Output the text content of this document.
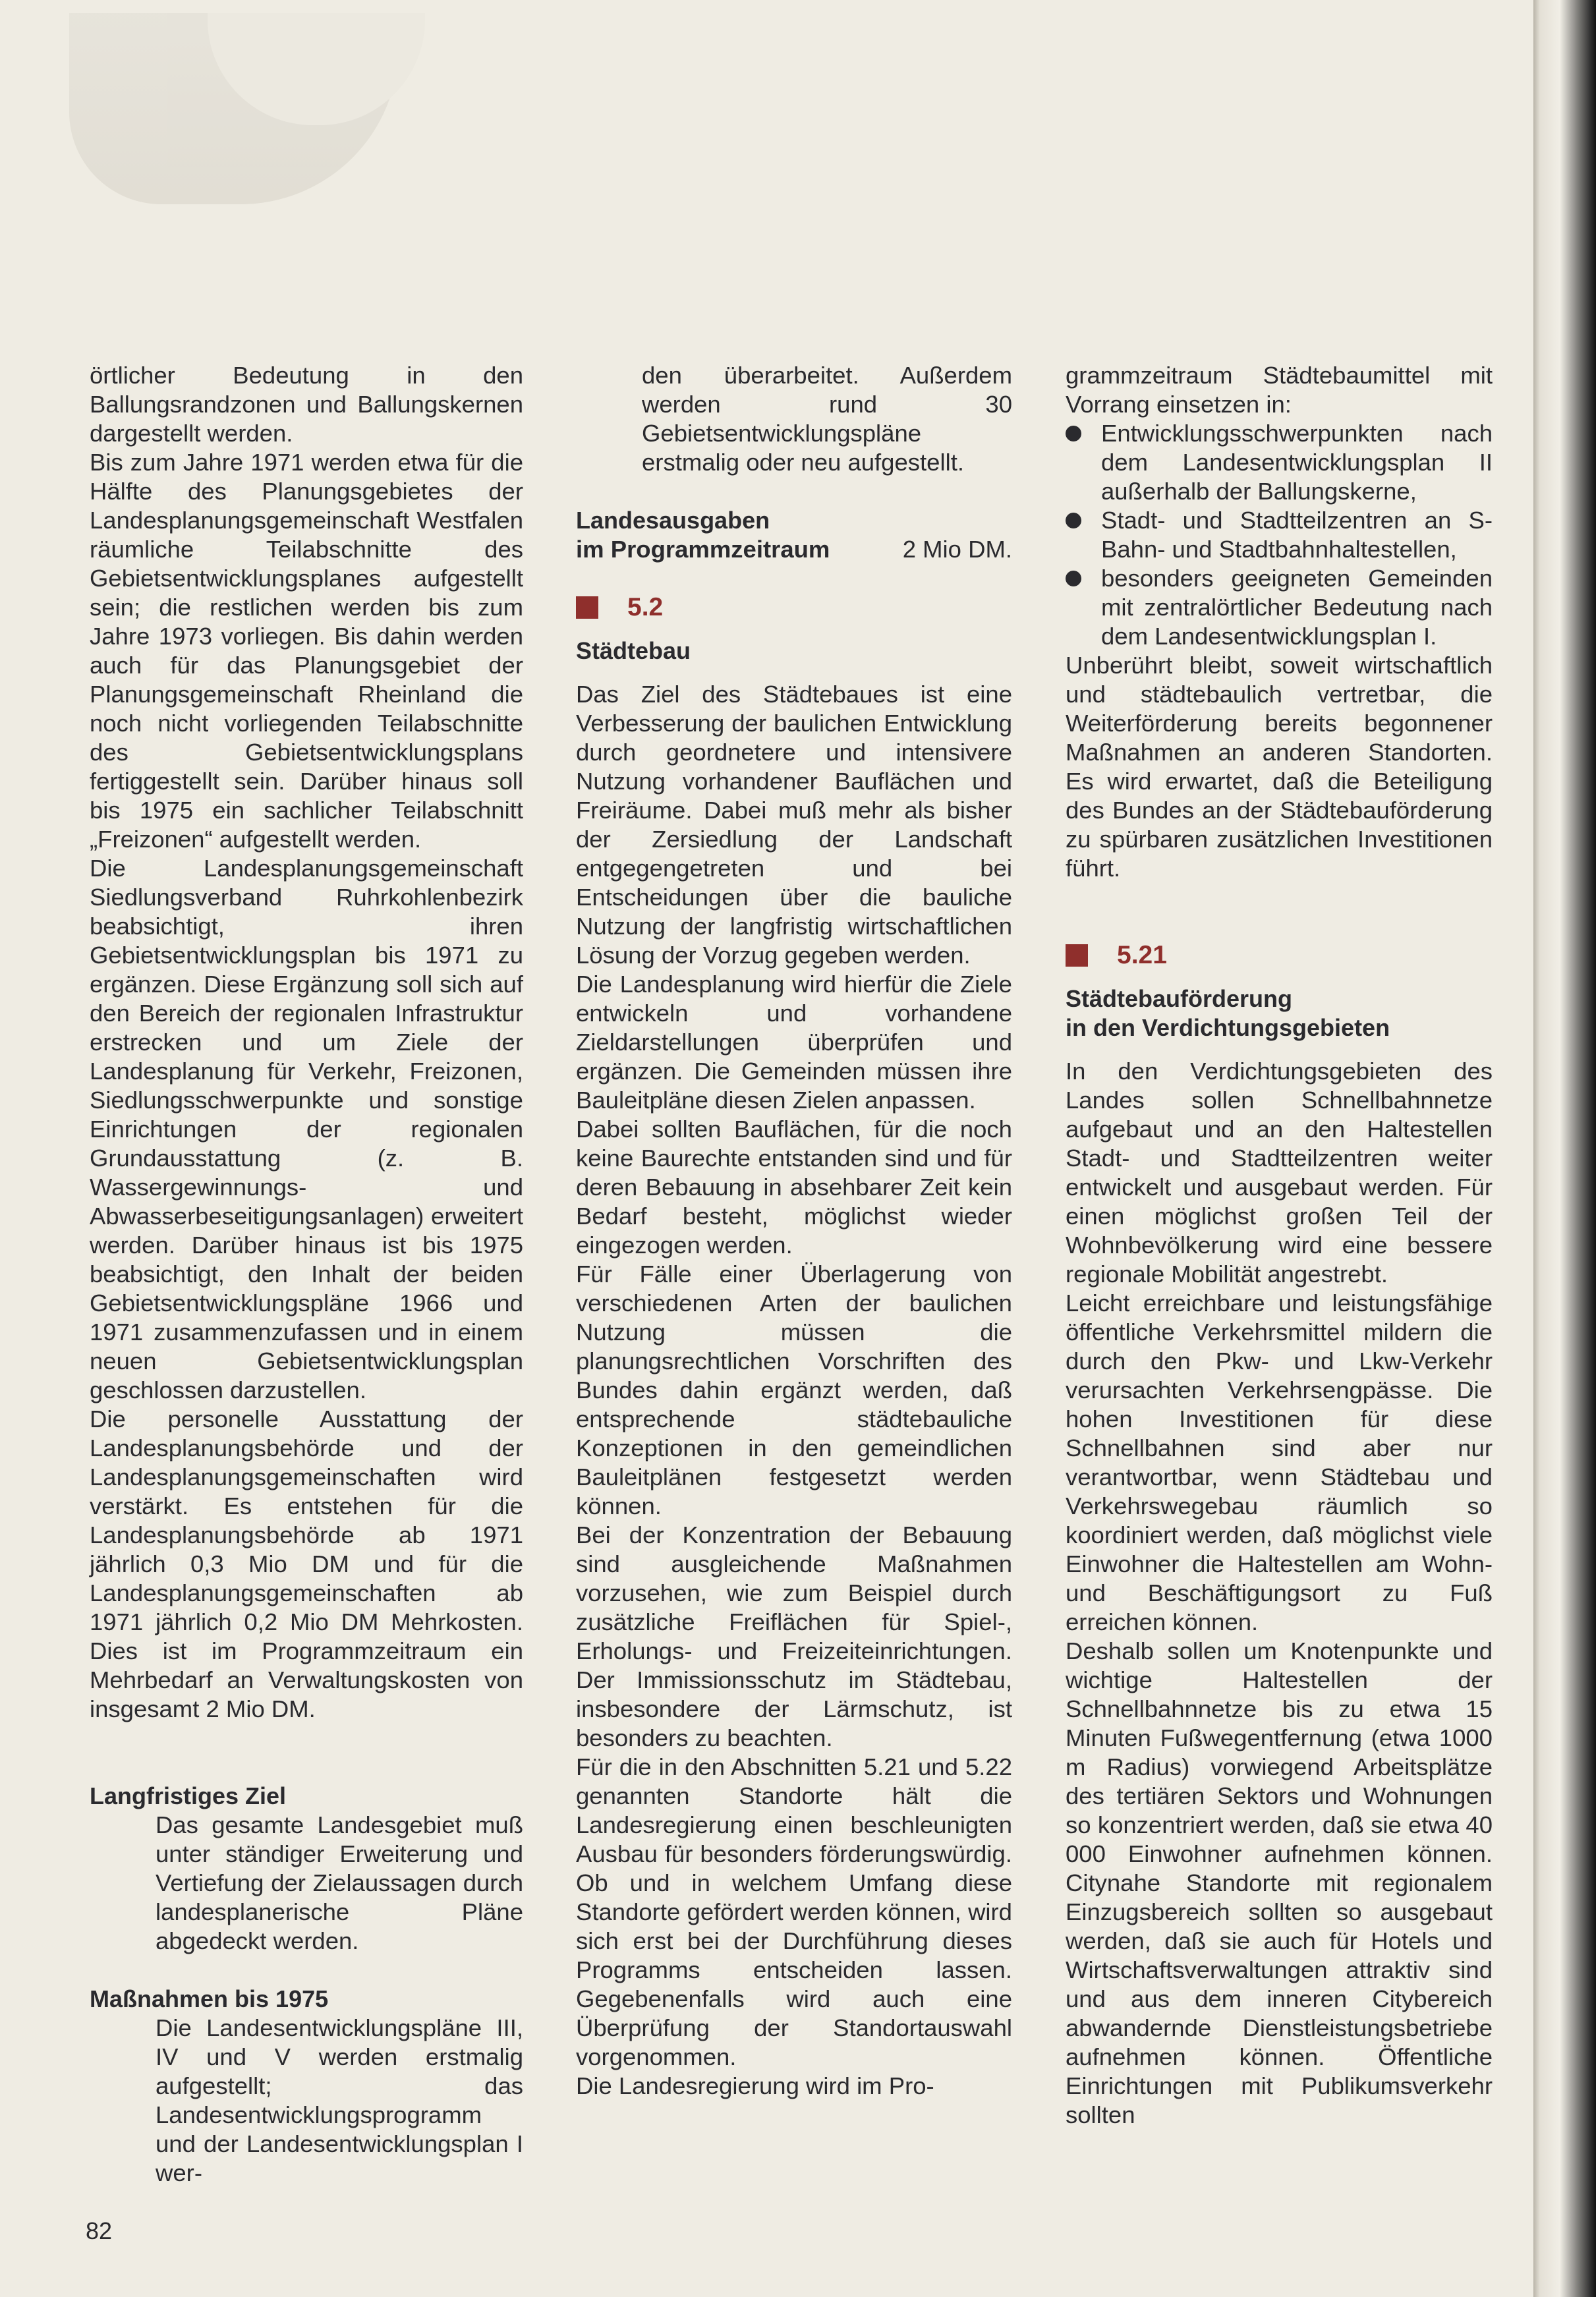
örtlicher Bedeutung in den Ballungsrandzonen und Ballungskernen dargestellt werden.

Bis zum Jahre 1971 werden etwa für die Hälfte des Planungsgebietes der Landesplanungsgemeinschaft Westfalen räumliche Teilabschnitte des Gebietsentwicklungsplanes aufgestellt sein; die restlichen werden bis zum Jahre 1973 vorliegen. Bis dahin werden auch für das Planungsgebiet der Planungsgemeinschaft Rheinland die noch nicht vorliegenden Teilabschnitte des Gebietsentwicklungsplans fertiggestellt sein. Darüber hinaus soll bis 1975 ein sachlicher Teilabschnitt „Freizonen“ aufgestellt werden.

Die Landesplanungsgemeinschaft Siedlungsverband Ruhrkohlenbezirk beabsichtigt, ihren Gebietsentwicklungsplan bis 1971 zu ergänzen. Diese Ergänzung soll sich auf den Bereich der regionalen Infrastruktur erstrecken und um Ziele der Landesplanung für Verkehr, Freizonen, Siedlungsschwerpunkte und sonstige Einrichtungen der regionalen Grundausstattung (z. B. Wassergewinnungs- und Abwasserbeseitigungsanlagen) erweitert werden. Darüber hinaus ist bis 1975 beabsichtigt, den Inhalt der beiden Gebietsentwicklungspläne 1966 und 1971 zusammenzufassen und in einem neuen Gebietsentwicklungsplan geschlossen darzustellen.

Die personelle Ausstattung der Landesplanungsbehörde und der Landesplanungsgemeinschaften wird verstärkt. Es entstehen für die Landesplanungsbehörde ab 1971 jährlich 0,3 Mio DM und für die Landesplanungsgemeinschaften ab 1971 jährlich 0,2 Mio DM Mehrkosten. Dies ist im Programmzeitraum ein Mehrbedarf an Verwaltungskosten von insgesamt 2 Mio DM.

Langfristiges Ziel

Das gesamte Landesgebiet muß unter ständiger Erweiterung und Vertiefung der Zielaussagen durch landesplanerische Pläne abgedeckt werden.

Maßnahmen bis 1975

Die Landesentwicklungspläne III, IV und V werden erstmalig aufgestellt; das Landesentwicklungsprogramm und der Landesentwicklungsplan I wer-

den überarbeitet. Außerdem werden rund 30 Gebietsentwicklungspläne erstmalig oder neu aufgestellt.

Landesausgaben

im Programmzeitraum	2 Mio DM.
5.2

Städtebau

Das Ziel des Städtebaues ist eine Verbesserung der baulichen Entwicklung durch geordnetere und intensivere Nutzung vorhandener Bauflächen und Freiräume. Dabei muß mehr als bisher der Zersiedlung der Landschaft entgegengetreten und bei Entscheidungen über die bauliche Nutzung der langfristig wirtschaftlichen Lösung der Vorzug gegeben werden.

Die Landesplanung wird hierfür die Ziele entwickeln und vorhandene Zieldarstellungen überprüfen und ergänzen. Die Gemeinden müssen ihre Bauleitpläne diesen Zielen anpassen.

Dabei sollten Bauflächen, für die noch keine Baurechte entstanden sind und für deren Bebauung in absehbarer Zeit kein Bedarf besteht, möglichst wieder eingezogen werden.

Für Fälle einer Überlagerung von verschiedenen Arten der baulichen Nutzung müssen die planungsrechtlichen Vorschriften des Bundes dahin ergänzt werden, daß entsprechende städtebauliche Konzeptionen in den gemeindlichen Bauleitplänen festgesetzt werden können.

Bei der Konzentration der Bebauung sind ausgleichende Maßnahmen vorzusehen, wie zum Beispiel durch zusätzliche Freiflächen für Spiel-, Erholungs- und Freizeiteinrichtungen. Der Immissionsschutz im Städtebau, insbesondere der Lärmschutz, ist besonders zu beachten.

Für die in den Abschnitten 5.21 und 5.22 genannten Standorte hält die Landesregierung einen beschleunigten Ausbau für besonders förderungswürdig. Ob und in welchem Umfang diese Standorte gefördert werden können, wird sich erst bei der Durchführung dieses Programms entscheiden lassen. Gegebenenfalls wird auch eine Überprüfung der Standortauswahl vorgenommen.

Die Landesregierung wird im Pro-

grammzeitraum Städtebaumittel mit Vorrang einsetzen in:

Entwicklungsschwerpunkten nach dem Landesentwicklungsplan II außerhalb der Ballungskerne,

Stadt- und Stadtteilzentren an S-Bahn- und Stadtbahnhaltestellen,

besonders geeigneten Gemeinden mit zentralörtlicher Bedeutung nach dem Landesentwicklungsplan I.

Unberührt bleibt, soweit wirtschaftlich und städtebaulich vertretbar, die Weiterförderung bereits begonnener Maßnahmen an anderen Standorten. Es wird erwartet, daß die Beteiligung des Bundes an der Städtebauförderung zu spürbaren zusätzlichen Investitionen führt.

5.21

Städtebauförderung

in den Verdichtungsgebieten

In den Verdichtungsgebieten des Landes sollen Schnellbahnnetze aufgebaut und an den Haltestellen Stadt- und Stadtteilzentren weiter entwickelt und ausgebaut werden. Für einen möglichst großen Teil der Wohnbevölkerung wird eine bessere regionale Mobilität angestrebt.

Leicht erreichbare und leistungsfähige öffentliche Verkehrsmittel mildern die durch den Pkw- und Lkw-Verkehr verursachten Verkehrsengpässe. Die hohen Investitionen für diese Schnellbahnen sind aber nur verantwortbar, wenn Städtebau und Verkehrswegebau räumlich so koordiniert werden, daß möglichst viele Einwohner die Haltestellen am Wohn- und Beschäftigungsort zu Fuß erreichen können.

Deshalb sollen um Knotenpunkte und wichtige Haltestellen der Schnellbahnnetze bis zu etwa 15 Minuten Fußwegentfernung (etwa 1000 m Radius) vorwiegend Arbeitsplätze des tertiären Sektors und Wohnungen so konzentriert werden, daß sie etwa 40 000 Einwohner aufnehmen können. Citynahe Standorte mit regionalem Einzugsbereich sollten so ausgebaut werden, daß sie auch für Hotels und Wirtschaftsverwaltungen attraktiv sind und aus dem inneren Citybereich abwandernde Dienstleistungsbetriebe aufnehmen können. Öffentliche Einrichtungen mit Publikumsverkehr sollten

82
